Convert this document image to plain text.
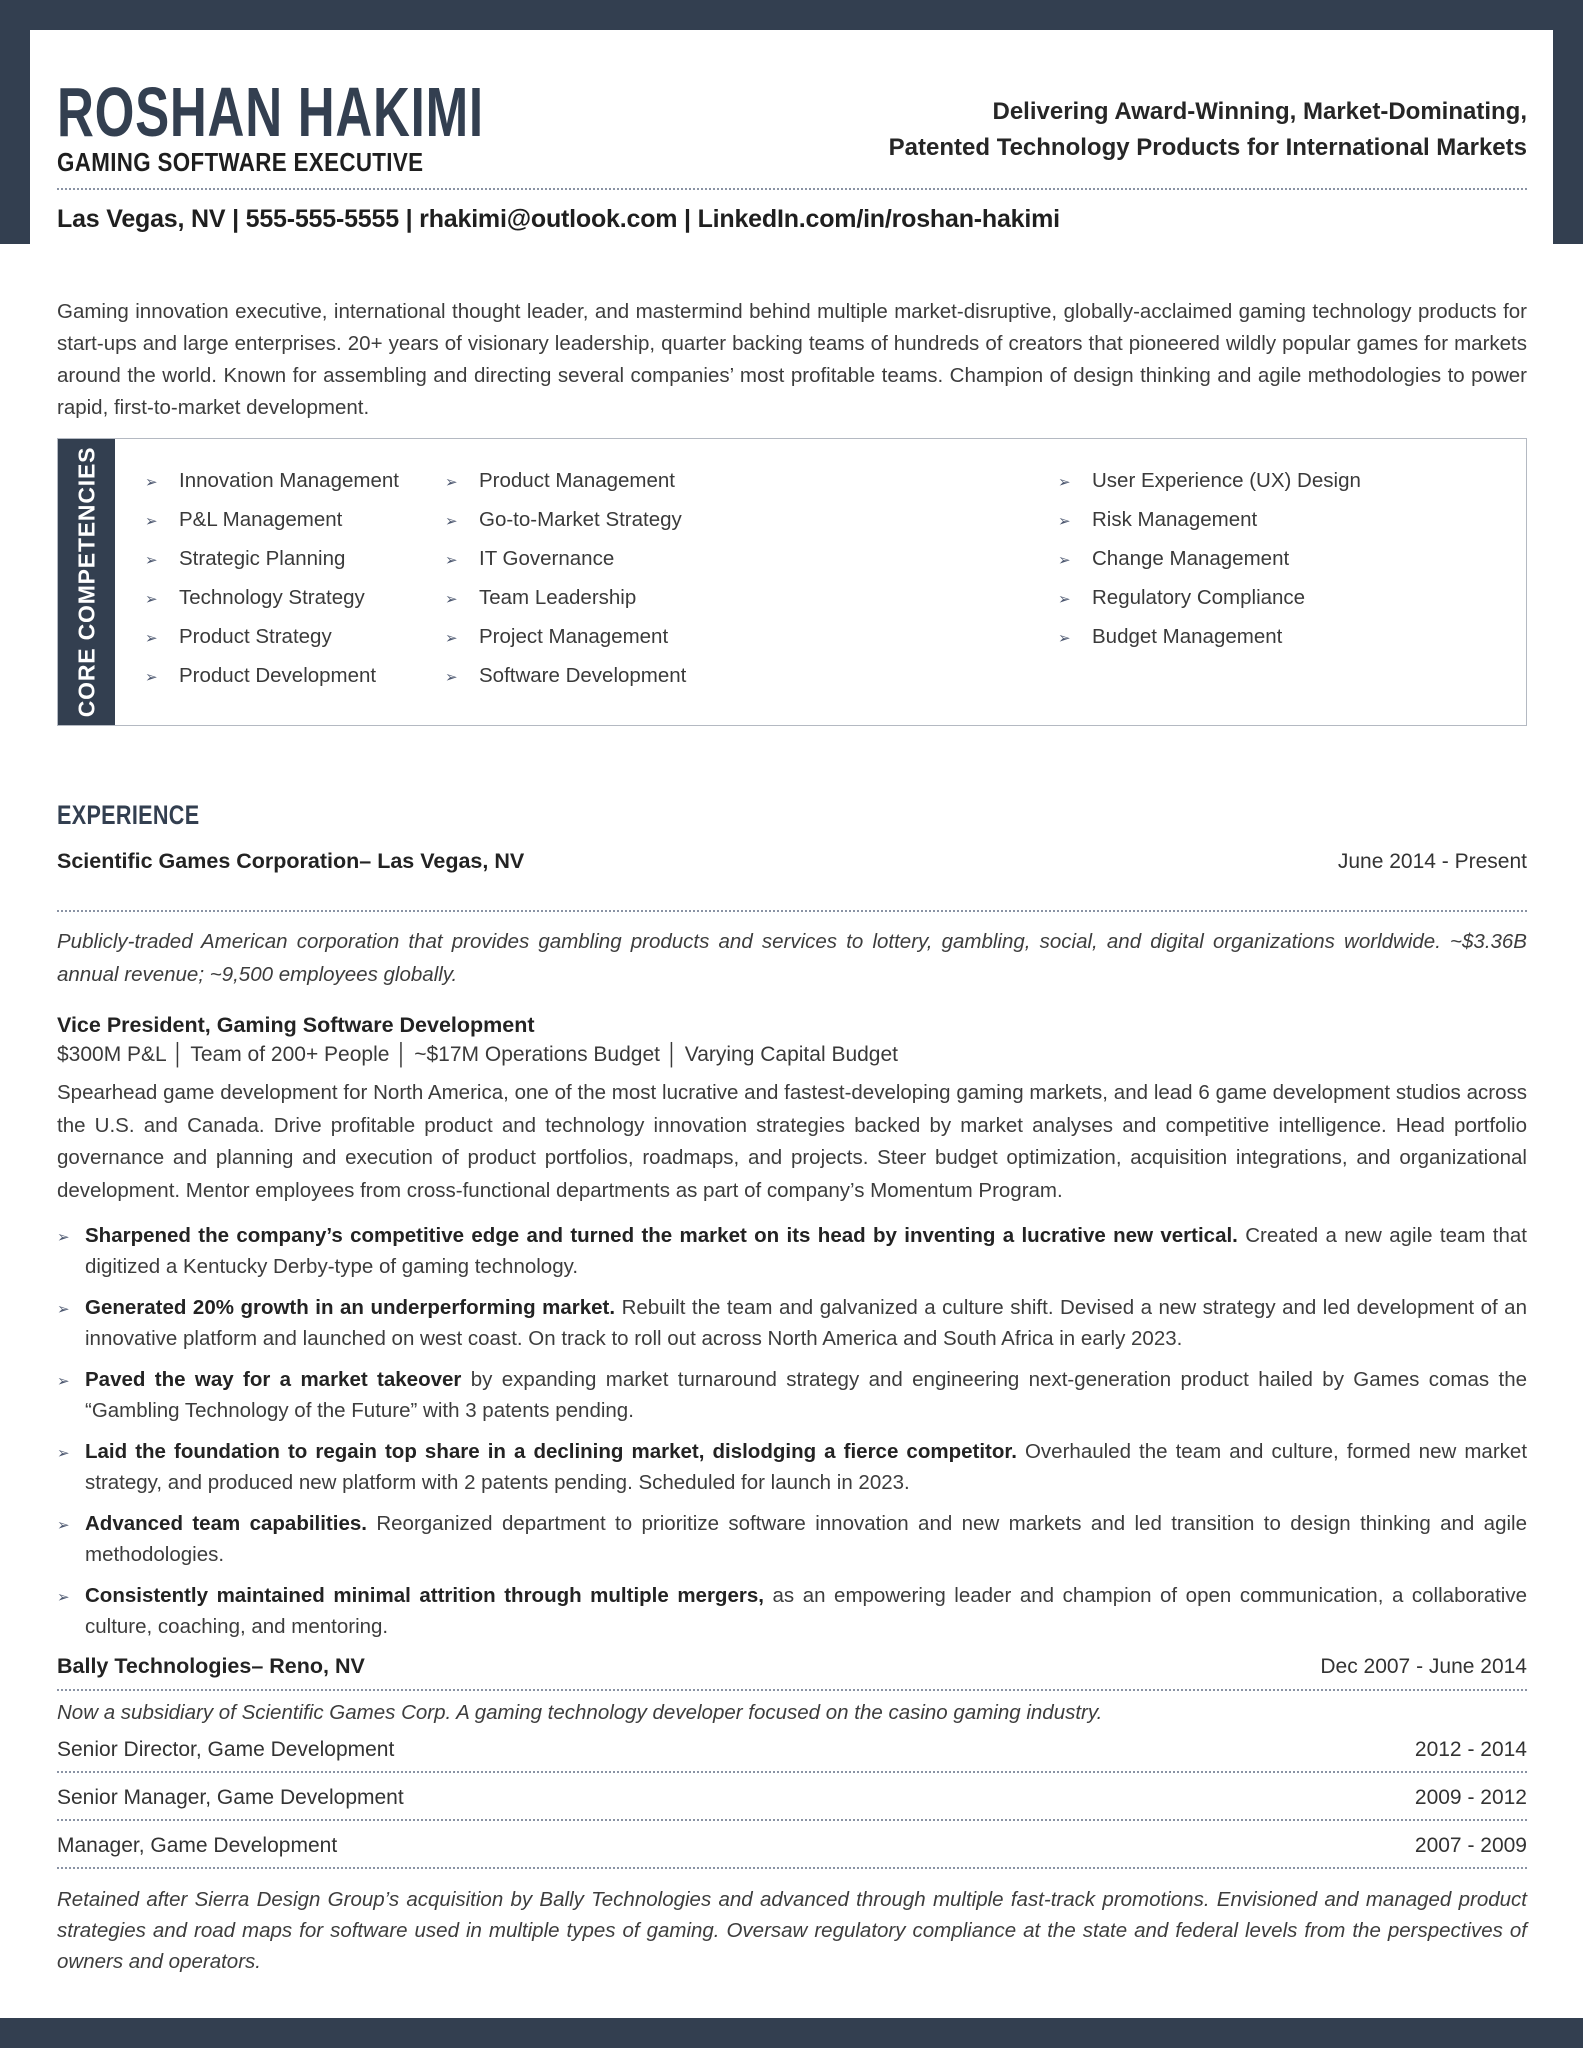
ROSHAN HAKIMI
GAMING SOFTWARE EXECUTIVE
Delivering Award-Winning, Market-Dominating,
Patented Technology Products for International Markets
Las Vegas, NV | 555-555-5555 | rhakimi@outlook.com | LinkedIn.com/in/roshan-hakimi

Gaming innovation executive, international thought leader, and mastermind behind multiple market-disruptive, globally-acclaimed gaming technology products for start-ups and large enterprises. 20+ years of visionary leadership, quarter backing teams of hundreds of creators that pioneered wildly popular games for markets around the world. Known for assembling and directing several companies’ most profitable teams. Champion of design thinking and agile methodologies to power rapid, first-to-market development.

CORE COMPETENCIES	➢	Innovation Management
➢	P&L Management
➢	Strategic Planning
➢	Technology Strategy
➢	Product Strategy
➢	Product Development
➢	Product Management
➢	Go-to-Market Strategy
➢	IT Governance
➢	Team Leadership
➢	Project Management
➢	Software Development
➢	User Experience (UX) Design
➢	Risk Management
➢	Change Management
➢	Regulatory Compliance
➢	Budget Management
EXPERIENCE
Scientific Games Corporation– Las Vegas, NV	June 2014 - Present

Publicly-traded American corporation that provides gambling products and services to lottery, gambling, social, and digital organizations worldwide. ~$3.36B annual revenue; ~9,500 employees globally.

Vice President, Gaming Software Development
$300M P&L │ Team of 200+ People │ ~$17M Operations Budget │ Varying Capital Budget

Spearhead game development for North America, one of the most lucrative and fastest-developing gaming markets, and lead 6 game development studios across the U.S. and Canada. Drive profitable product and technology innovation strategies backed by market analyses and competitive intelligence. Head portfolio governance and planning and execution of product portfolios, roadmaps, and projects. Steer budget optimization, acquisition integrations, and organizational development. Mentor employees from cross-functional departments as part of company’s Momentum Program.

➢ Sharpened the company’s competitive edge and turned the market on its head by inventing a lucrative new vertical. Created a new agile team that digitized a Kentucky Derby-type of gaming technology.
➢ Generated 20% growth in an underperforming market. Rebuilt the team and galvanized a culture shift. Devised a new strategy and led development of an innovative platform and launched on west coast. On track to roll out across North America and South Africa in early 2023.
➢ Paved the way for a market takeover by expanding market turnaround strategy and engineering next-generation product hailed by Games comas the “Gambling Technology of the Future” with 3 patents pending.
➢ Laid the foundation to regain top share in a declining market, dislodging a fierce competitor. Overhauled the team and culture, formed new market strategy, and produced new platform with 2 patents pending. Scheduled for launch in 2023.
➢ Advanced team capabilities. Reorganized department to prioritize software innovation and new markets and led transition to design thinking and agile methodologies.
➢ Consistently maintained minimal attrition through multiple mergers, as an empowering leader and champion of open communication, a collaborative culture, coaching, and mentoring.
Bally Technologies– Reno, NV	Dec 2007 - June 2014

Now a subsidiary of Scientific Games Corp. A gaming technology developer focused on the casino gaming industry.

Senior Director, Game Development	2012 - 2014
Senior Manager, Game Development	2009 - 2012
Manager, Game Development	2007 - 2009

Retained after Sierra Design Group’s acquisition by Bally Technologies and advanced through multiple fast-track promotions. Envisioned and managed product strategies and road maps for software used in multiple types of gaming. Oversaw regulatory compliance at the state and federal levels from the perspectives of owners and operators.
